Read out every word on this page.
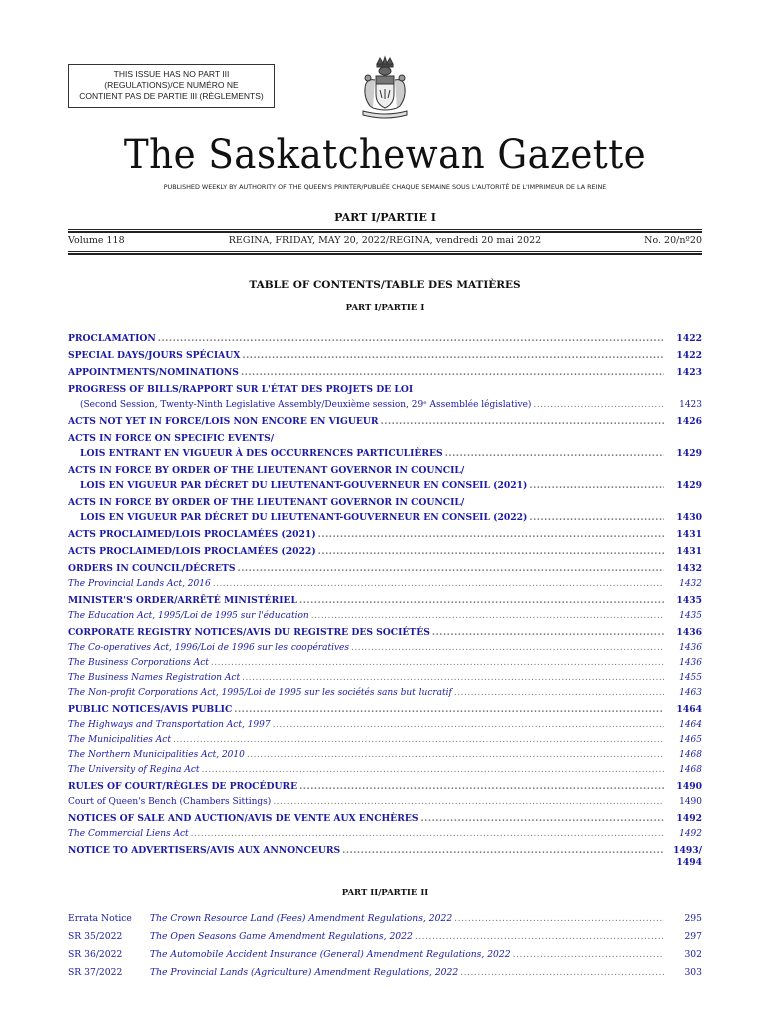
THIS ISSUE HAS NO PART III
(REGULATIONS)/CE NUMÉRO NE
CONTIENT PAS DE PARTIE III (RÈGLEMENTS)
The Saskatchewan Gazette
PUBLISHED WEEKLY BY AUTHORITY OF THE QUEEN'S PRINTER/PUBLIÉE CHAQUE SEMAINE SOUS L'AUTORITÉ DE L'IMPRIMEUR DE LA REINE
PART I/PARTIE I
Volume 118	REGINA, FRIDAY, MAY 20, 2022/REGINA, vendredi 20 mai 2022	No. 20/nº20
TABLE OF CONTENTS/TABLE DES MATIÈRES
PART I/PARTIE I
PROCLAMATION .....	1422
SPECIAL DAYS/JOURS SPÉCIAUX .....	1422
APPOINTMENTS/NOMINATIONS .....	1423
PROGRESS OF BILLS/RAPPORT SUR L'ÉTAT DES PROJETS DE LOI
(Second Session, Twenty-Ninth Legislative Assembly/Deuxième session, 29ᵉ Assemblée législative) .....	1423
ACTS NOT YET IN FORCE/LOIS NON ENCORE EN VIGUEUR .....	1426
ACTS IN FORCE ON SPECIFIC EVENTS/
LOIS ENTRANT EN VIGUEUR À DES OCCURRENCES PARTICULIÈRES .....	1429
ACTS IN FORCE BY ORDER OF THE LIEUTENANT GOVERNOR IN COUNCIL/
LOIS EN VIGUEUR PAR DÉCRET DU LIEUTENANT-GOUVERNEUR EN CONSEIL (2021) .....	1429
ACTS IN FORCE BY ORDER OF THE LIEUTENANT GOVERNOR IN COUNCIL/
LOIS EN VIGUEUR PAR DÉCRET DU LIEUTENANT-GOUVERNEUR EN CONSEIL (2022) .....	1430
ACTS PROCLAIMED/LOIS PROCLAMÉES (2021) .....	1431
ACTS PROCLAIMED/LOIS PROCLAMÉES (2022) .....	1431
ORDERS IN COUNCIL/DÉCRETS .....	1432
The Provincial Lands Act, 2016 .....	1432
MINISTER'S ORDER/ARRÊTÉ MINISTÉRIEL .....	1435
The Education Act, 1995/Loi de 1995 sur l'éducation .....	1435
CORPORATE REGISTRY NOTICES/AVIS DU REGISTRE DES SOCIÉTÉS .....	1436
The Co-operatives Act, 1996/Loi de 1996 sur les coopératives .....	1436
The Business Corporations Act .....	1436
The Business Names Registration Act .....	1455
The Non-profit Corporations Act, 1995/Loi de 1995 sur les sociétés sans but lucratif .....	1463
PUBLIC NOTICES/AVIS PUBLIC .....	1464
The Highways and Transportation Act, 1997 .....	1464
The Municipalities Act .....	1465
The Northern Municipalities Act, 2010 .....	1468
The University of Regina Act .....	1468
RULES OF COURT/RÈGLES DE PROCÉDURE .....	1490
Court of Queen's Bench (Chambers Sittings) .....	1490
NOTICES OF SALE AND AUCTION/AVIS DE VENTE AUX ENCHÈRES .....	1492
The Commercial Liens Act .....	1492
NOTICE TO ADVERTISERS/AVIS AUX ANNONCEURS .....	1493/
1494
PART II/PARTIE II
Errata Notice	The Crown Resource Land (Fees) Amendment Regulations, 2022 .....	295
SR 35/2022	The Open Seasons Game Amendment Regulations, 2022 .....	297
SR 36/2022	The Automobile Accident Insurance (General) Amendment Regulations, 2022 .....	302
SR 37/2022	The Provincial Lands (Agriculture) Amendment Regulations, 2022 .....	303
